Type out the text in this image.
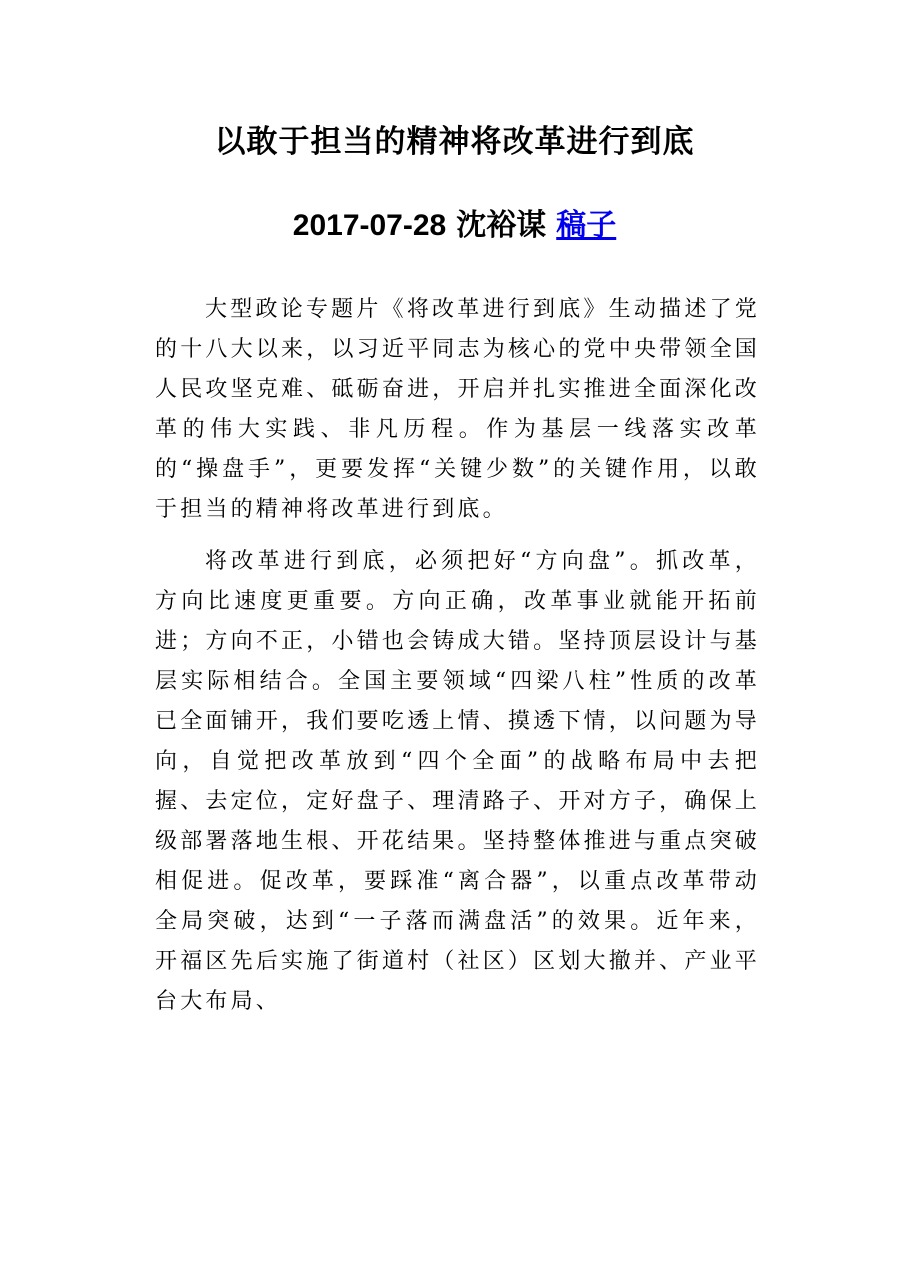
以敢于担当的精神将改革进行到底
2017-07-28 沈裕谋 稿子

大型政论专题片《将改革进行到底》生动描述了党的十八大以来，以习近平同志为核心的党中央带领全国人民攻坚克难、砥砺奋进，开启并扎实推进全面深化改革的伟大实践、非凡历程。作为基层一线落实改革的“操盘手”，更要发挥“关键少数”的关键作用，以敢于担当的精神将改革进行到底。

将改革进行到底，必须把好“方向盘”。抓改革，方向比速度更重要。方向正确，改革事业就能开拓前进；方向不正，小错也会铸成大错。坚持顶层设计与基层实际相结合。全国主要领域“四梁八柱”性质的改革已全面铺开，我们要吃透上情、摸透下情，以问题为导向，自觉把改革放到“四个全面”的战略布局中去把握、去定位，定好盘子、理清路子、开对方子，确保上级部署落地生根、开花结果。坚持整体推进与重点突破相促进。促改革，要踩准“离合器”，以重点改革带动全局突破，达到“一子落而满盘活”的效果。近年来，开福区先后实施了街道村（社区）区划大撤并、产业平台大布局、
